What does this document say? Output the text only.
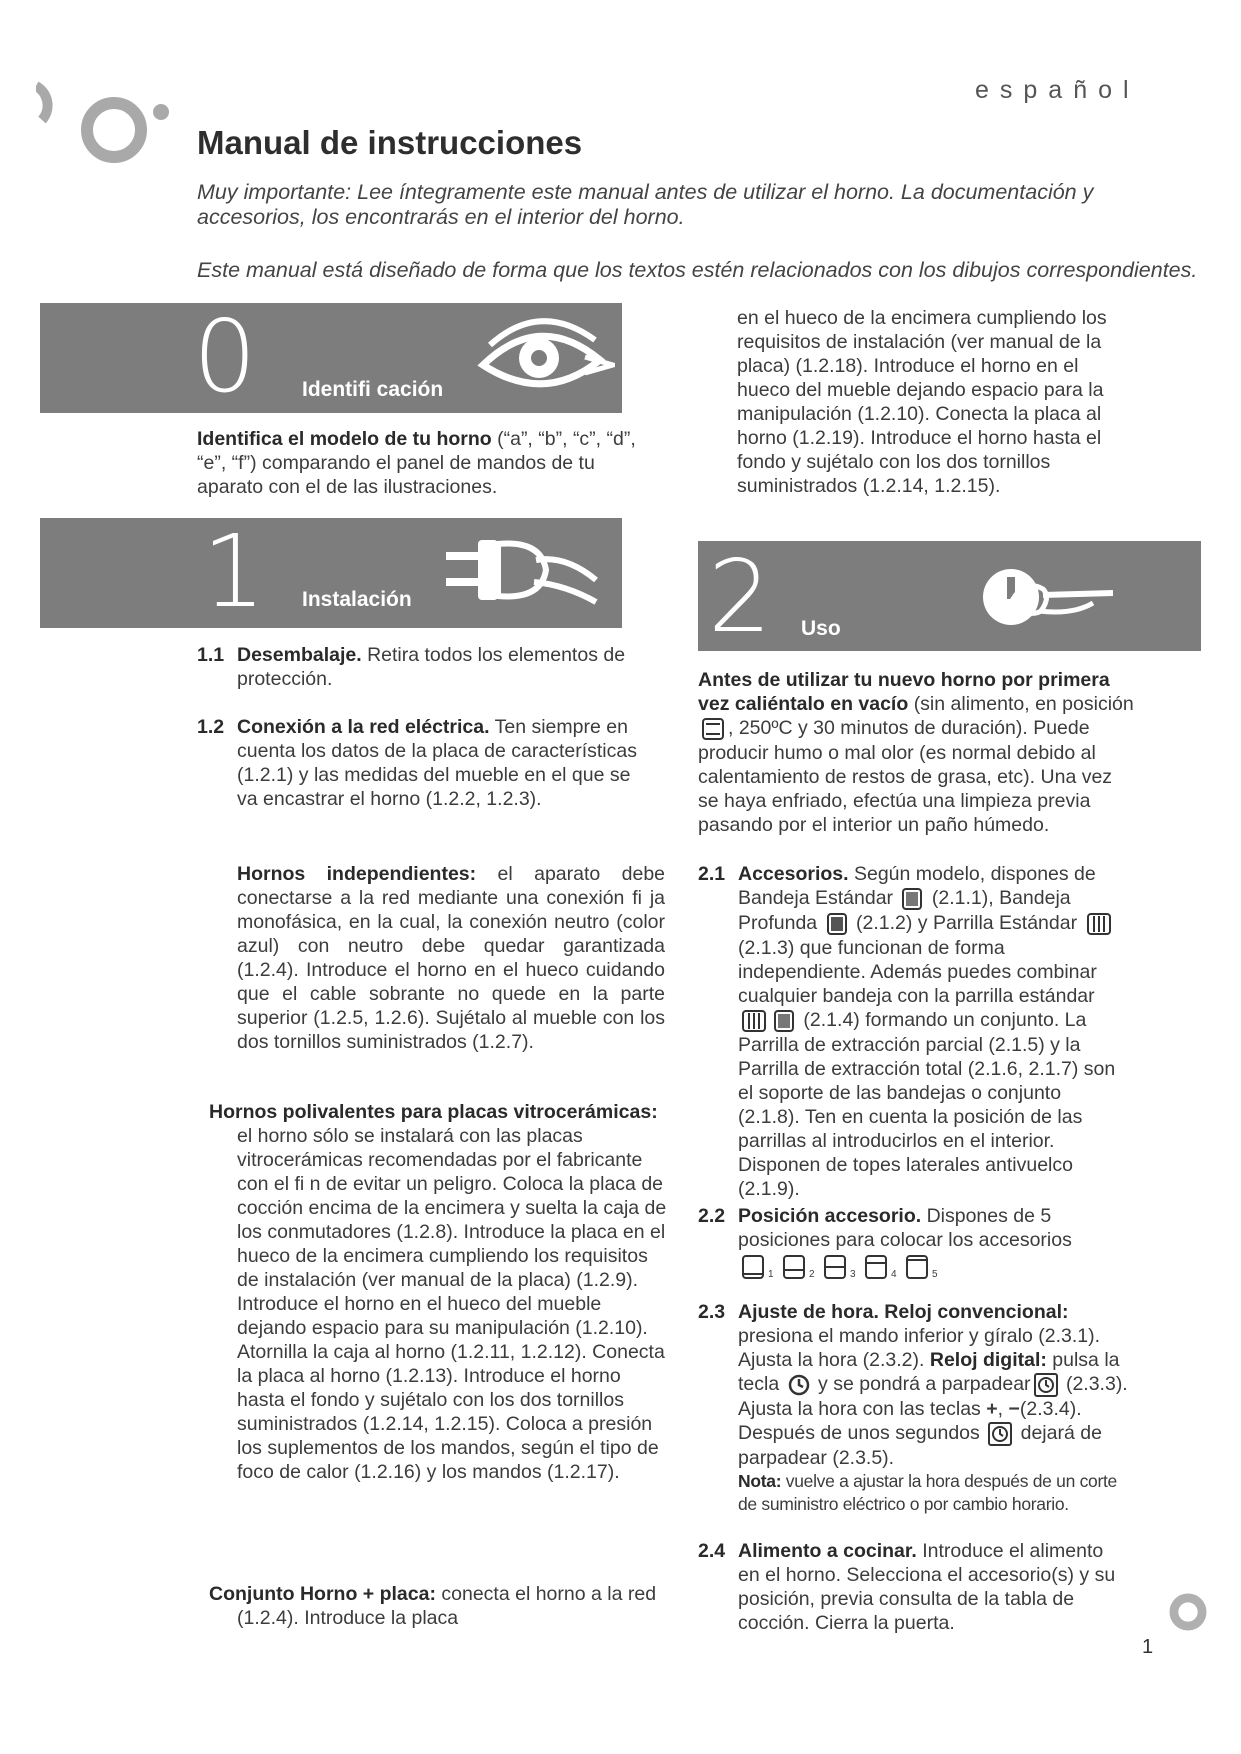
español
Manual de instrucciones

Muy importante: Lee íntegramente este manual antes de utilizar el horno. La documentación y accesorios, los encontrarás en el interior del horno.

Este manual está diseñado de forma que los textos estén relacionados con los dibujos correspondientes.

0 Identifi cación
Identifica el modelo de tu horno (“a”, “b”, “c”, “d”, “e”, “f”) comparando el panel de mandos de tu aparato con el de las ilustraciones.
1 Instalación
1.1 Desembalaje. Retira todos los elementos de protección.
1.2 Conexión a la red eléctrica. Ten siempre en cuenta los datos de la placa de características (1.2.1) y las medidas del mueble en el que se va encastrar el horno (1.2.2, 1.2.3).
Hornos independientes: el aparato debe conectarse a la red mediante una conexión fi ja monofásica, en la cual, la conexión neutro (color azul) con neutro debe quedar garantizada (1.2.4). Introduce el horno en el hueco cuidando que el cable sobrante no quede en la parte superior (1.2.5, 1.2.6). Sujétalo al mueble con los dos tornillos suministrados (1.2.7).
Hornos polivalentes para placas vitrocerámicas: el horno sólo se instalará con las placas vitrocerámicas recomendadas por el fabricante con el fi n de evitar un peligro. Coloca la placa de cocción encima de la encimera y suelta la caja de los conmutadores (1.2.8). Introduce la placa en el hueco de la encimera cumpliendo los requisitos de instalación (ver manual de la placa) (1.2.9). Introduce el horno en el hueco del mueble dejando espacio para su manipulación (1.2.10). Atornilla la caja al horno (1.2.11, 1.2.12). Conecta la placa al horno (1.2.13). Introduce el horno hasta el fondo y sujétalo con los dos tornillos suministrados (1.2.14, 1.2.15). Coloca a presión los suplementos de los mandos, según el tipo de foco de calor (1.2.16) y los mandos (1.2.17).
Conjunto Horno + placa: conecta el horno a la red (1.2.4). Introduce la placa
en el hueco de la encimera cumpliendo los requisitos de instalación (ver manual de la placa) (1.2.18). Introduce el horno en el hueco del mueble dejando espacio para la manipulación (1.2.10). Conecta la placa al horno (1.2.19). Introduce el horno hasta el fondo y sujétalo con los dos tornillos suministrados (1.2.14, 1.2.15).
2 Uso
Antes de utilizar tu nuevo horno por primera vez caliéntalo en vacío (sin alimento, en posición , 250ºC y 30 minutos de duración). Puede producir humo o mal olor (es normal debido al calentamiento de restos de grasa, etc). Una vez se haya enfriado, efectúa una limpieza previa pasando por el interior un paño húmedo.
2.1 Accesorios. Según modelo, dispones de Bandeja Estándar (2.1.1), Bandeja Profunda (2.1.2) y Parrilla Estándar  (2.1.3) que funcionan de forma independiente. Además puedes combinar cualquier bandeja con la parrilla estándar  (2.1.4) formando un conjunto. La Parrilla de extracción parcial (2.1.5) y la Parrilla de extracción total (2.1.6, 2.1.7) son el soporte de las bandejas o conjunto (2.1.8). Ten en cuenta la posición de las parrillas al introducirlos en el interior. Disponen de topes laterales antivuelco (2.1.9).
2.2 Posición accesorio. Dispones de 5 posiciones para colocar los accesorios
$_1$	$_2$	$_3$	$_4$	$_5$
2.3 Ajuste de hora. Reloj convencional: presiona el mando inferior y gíralo (2.3.1). Ajusta la hora (2.3.2). Reloj digital: pulsa la tecla y se pondrá a parpadear (2.3.3). Ajusta la hora con las teclas +, −(2.3.4). Después de unos segundos dejará de parpadear (2.3.5).
Nota: vuelve a ajustar la hora después de un corte de suministro eléctrico o por cambio horario.
2.4 Alimento a cocinar. Introduce el alimento en el horno. Selecciona el accesorio(s) y su posición, previa consulta de la tabla de cocción. Cierra la puerta.
1
